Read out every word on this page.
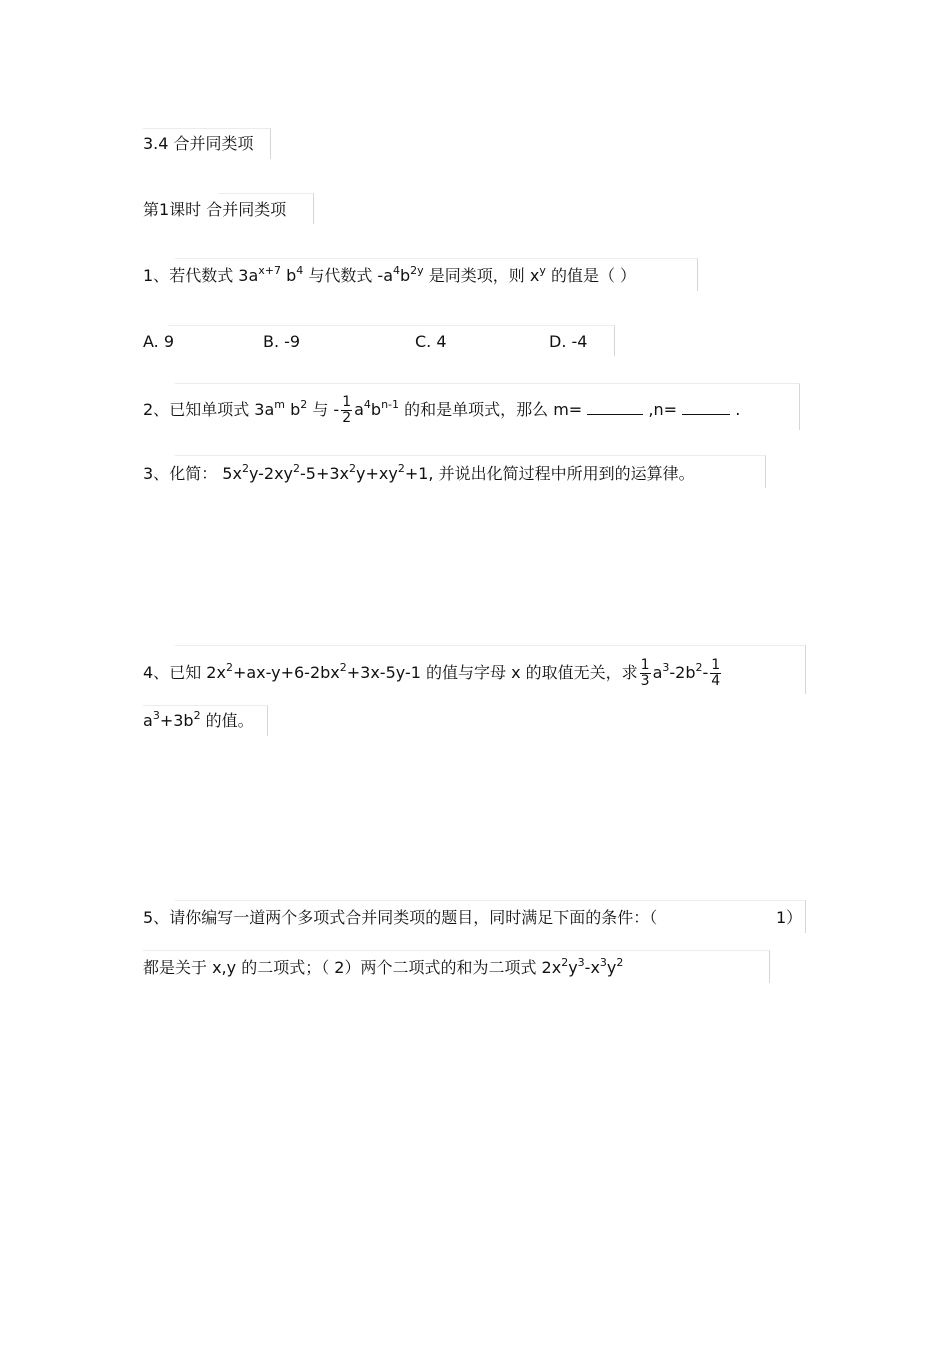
3.4 合并同类项
第1课时 合并同类项
1、若代数式 $3a^{x+7}$ $b^4$ 与代数式 $-a^4b^{2y}$ 是同类项，则 $x^y$ 的值是（ ）
A. 9	B. -9	C. 4	D. -4
2、已知单项式 $3a^m$ $b^2$ 与 - $\frac{1}{2} a^4b^{n-1}$ 的和是单项式，那么 m=	,n=	.
3、化简： $5x^2y-2xy^2-5+3x^2y+xy^2+1$, 并说出化简过程中所用到的运算律。
4、已知 $2x^2+ax-y+6-2bx^2+3x-5y-1$ 的值与字母 x 的取值无关，求 $\frac{1}{3} a^3-2b^2- \frac{1}{4}$
$a^3+3b^2$ 的值。
5、请你编写一道两个多项式合并同类项的题目，同时满足下面的条件：（	1）
都是关于 x,y 的二项式；（ 2）两个二项式的和为二项式 $2x^2y^3-x^3y^2$
